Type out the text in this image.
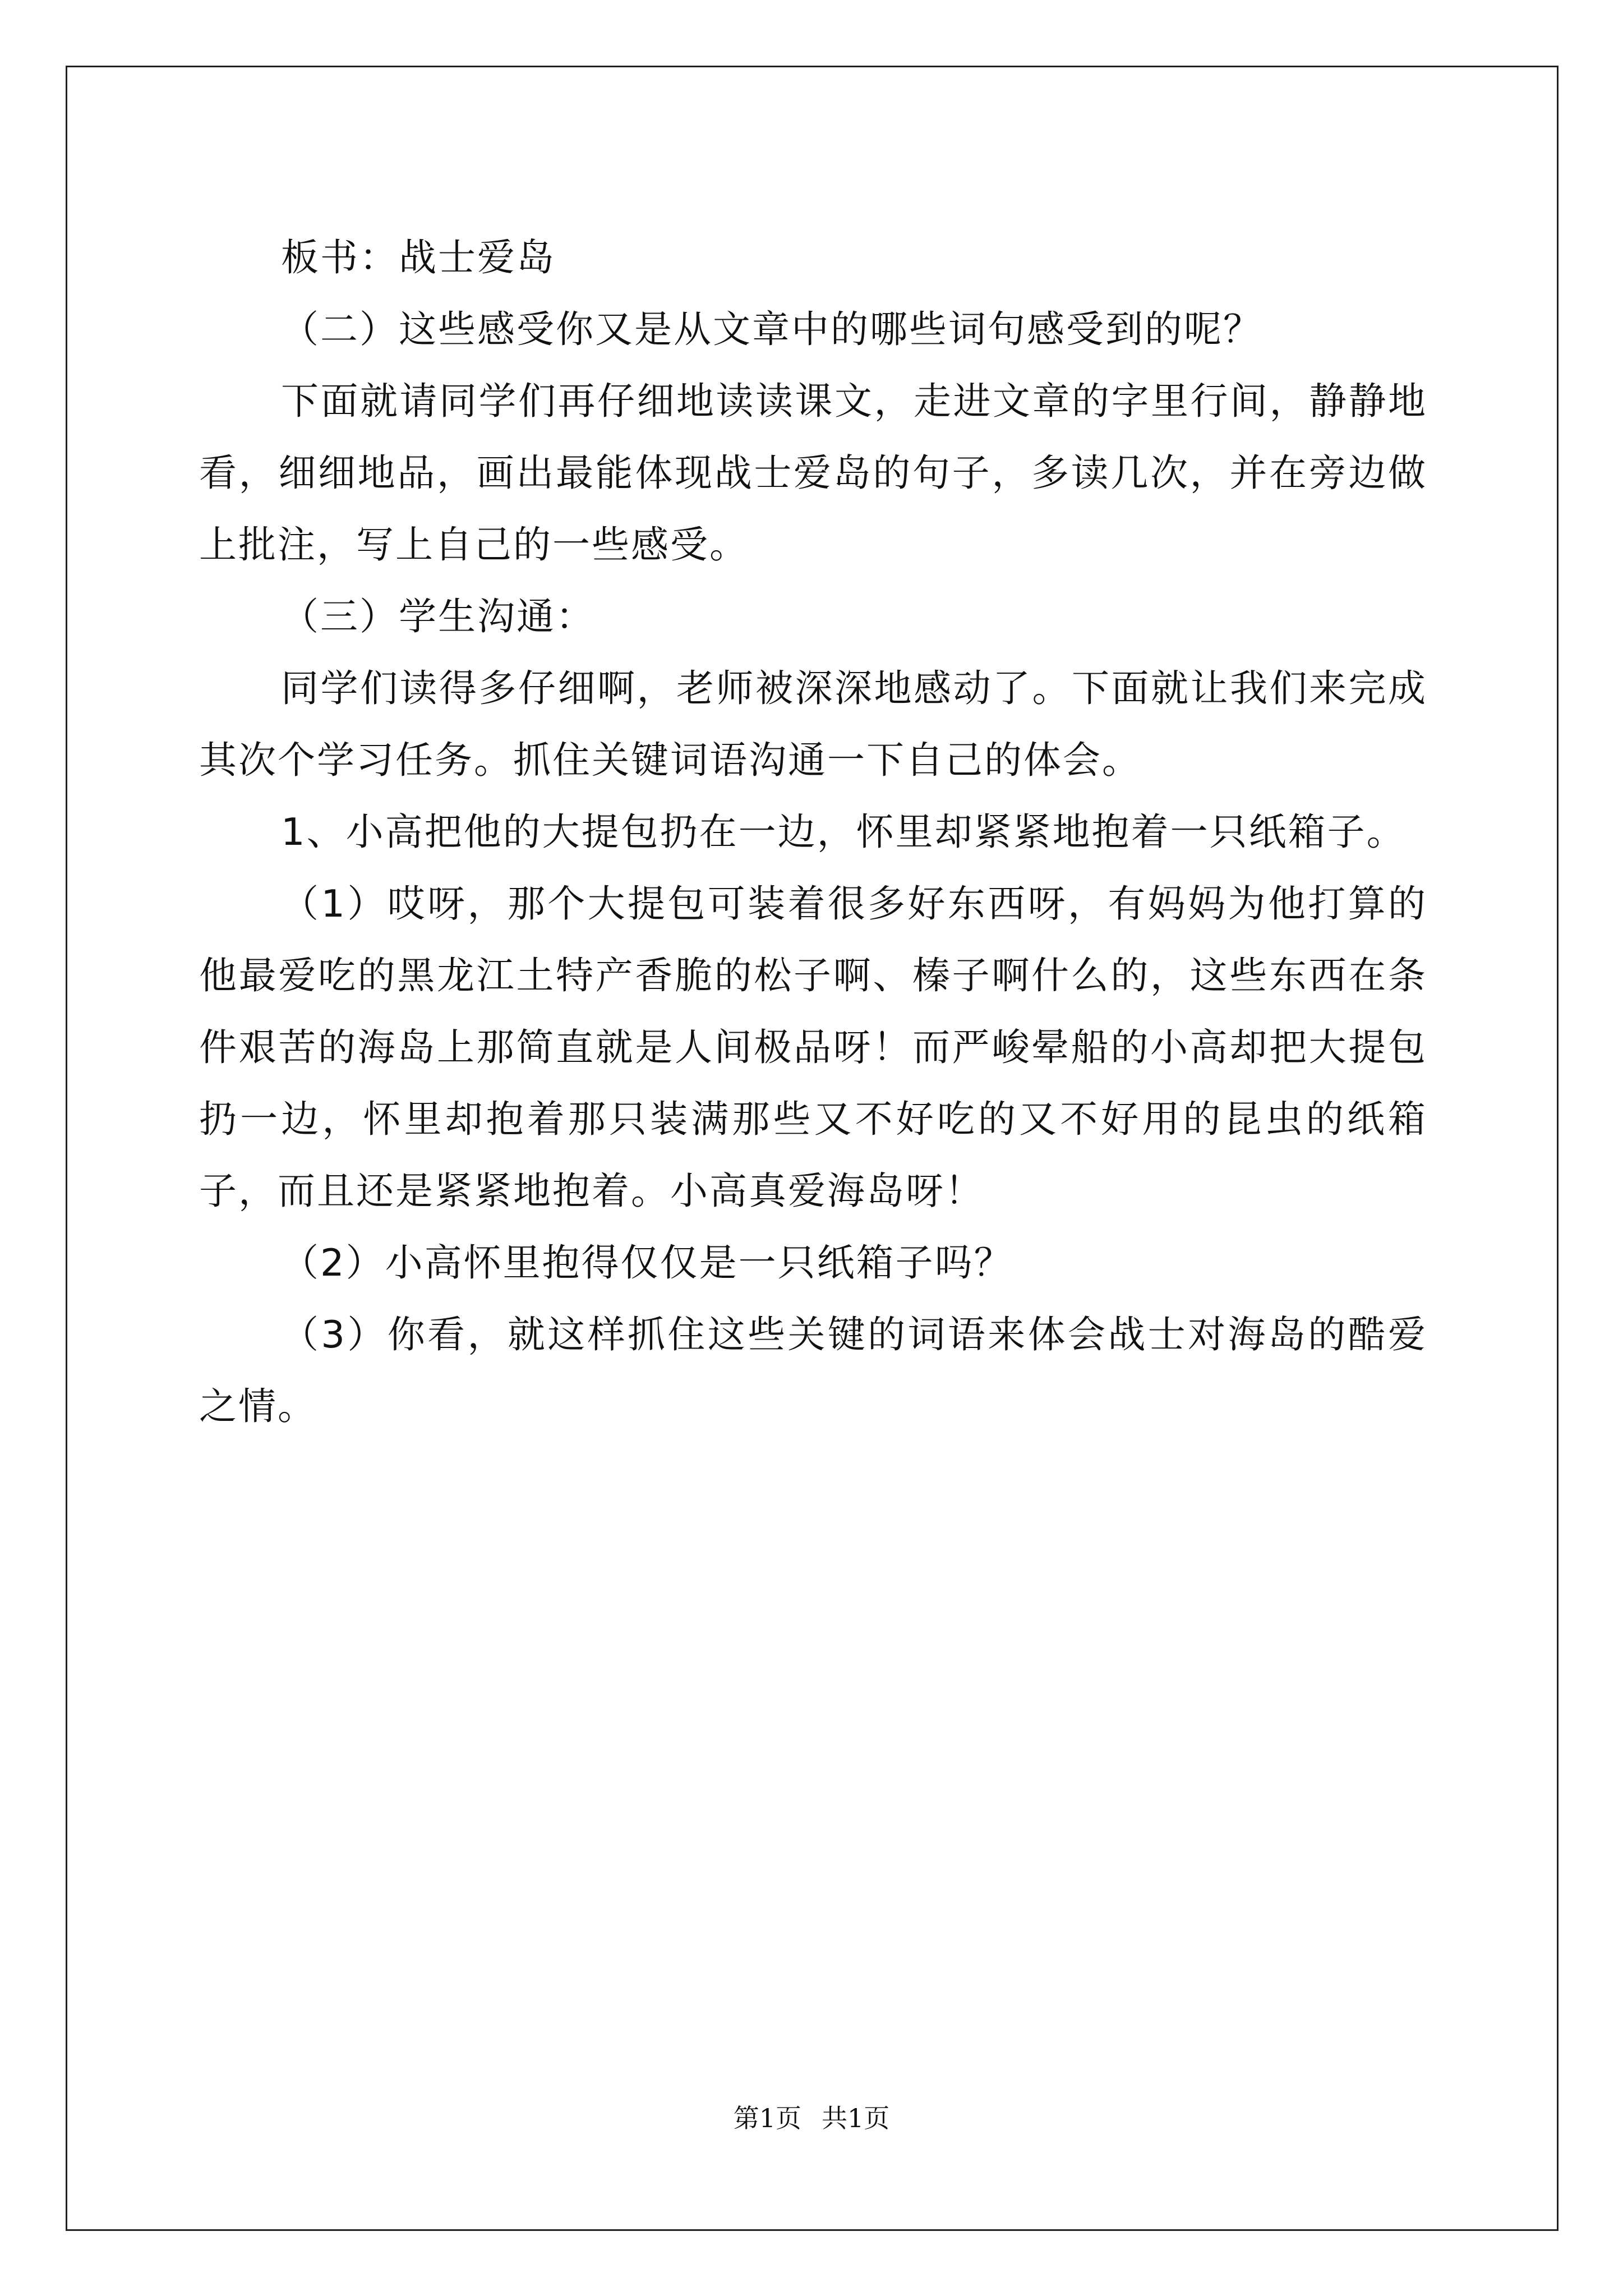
板书：战士爱岛

（二）这些感受你又是从文章中的哪些词句感受到的呢？

下面就请同学们再仔细地读读课文，走进文章的字里行间，静静地看，细细地品，画出最能体现战士爱岛的句子，多读几次，并在旁边做上批注，写上自己的一些感受。

（三）学生沟通：

同学们读得多仔细啊，老师被深深地感动了。下面就让我们来完成其次个学习任务。抓住关键词语沟通一下自己的体会。

1、小高把他的大提包扔在一边，怀里却紧紧地抱着一只纸箱子。

（1）哎呀，那个大提包可装着很多好东西呀，有妈妈为他打算的他最爱吃的黑龙江土特产香脆的松子啊、榛子啊什么的，这些东西在条件艰苦的海岛上那简直就是人间极品呀！而严峻晕船的小高却把大提包扔一边，怀里却抱着那只装满那些又不好吃的又不好用的昆虫的纸箱子，而且还是紧紧地抱着。小高真爱海岛呀！

（2）小高怀里抱得仅仅是一只纸箱子吗？

（3）你看，就这样抓住这些关键的词语来体会战士对海岛的酷爱之情。

第1页 共1页
